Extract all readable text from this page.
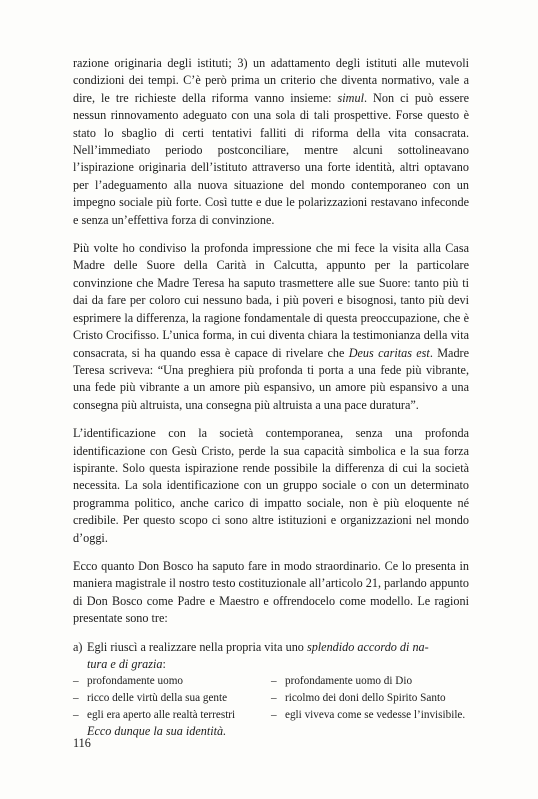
razione originaria degli istituti; 3) un adattamento degli istituti alle mutevoli condizioni dei tempi. C’è però prima un criterio che diventa normativo, vale a dire, le tre richieste della riforma vanno insieme: simul. Non ci può essere nessun rinnovamento adeguato con una sola di tali prospettive. Forse questo è stato lo sbaglio di certi tentativi falliti di riforma della vita consacrata. Nell’immediato periodo postconciliare, mentre alcuni sottolineavano l’ispirazione originaria dell’istituto attraverso una forte identità, altri optavano per l’adeguamento alla nuova situazione del mondo contemporaneo con un impegno sociale più forte. Così tutte e due le polarizzazioni restavano infeconde e senza un’effettiva forza di convinzione.

Più volte ho condiviso la profonda impressione che mi fece la visita alla Casa Madre delle Suore della Carità in Calcutta, appunto per la particolare convinzione che Madre Teresa ha saputo trasmettere alle sue Suore: tanto più ti dai da fare per coloro cui nessuno bada, i più poveri e bisognosi, tanto più devi esprimere la differenza, la ragione fondamentale di questa preoccupazione, che è Cristo Crocifisso. L’unica forma, in cui diventa chiara la testimonianza della vita consacrata, si ha quando essa è capace di rivelare che Deus caritas est. Madre Teresa scriveva: “Una preghiera più profonda ti porta a una fede più vibrante, una fede più vibrante a un amore più espansivo, un amore più espansivo a una consegna più altruista, una consegna più altruista a una pace duratura”.

L’identificazione con la società contemporanea, senza una profonda identificazione con Gesù Cristo, perde la sua capacità simbolica e la sua forza ispirante. Solo questa ispirazione rende possibile la differenza di cui la società necessita. La sola identificazione con un gruppo sociale o con un determinato programma politico, anche carico di impatto sociale, non è più eloquente né credibile. Per questo scopo ci sono altre istituzioni e organizzazioni nel mondo d’oggi.

Ecco quanto Don Bosco ha saputo fare in modo straordinario. Ce lo presenta in maniera magistrale il nostro testo costituzionale all’articolo 21, parlando appunto di Don Bosco come Padre e Maestro e offrendocelo come modello. Le ragioni presentate sono tre:

a) Egli riuscì a realizzare nella propria vita uno splendido accordo di na-
tura e di grazia:
– profondamente uomo	– profondamente uomo di Dio
– ricco delle virtù della sua gente	– ricolmo dei doni dello Spirito Santo
– egli era aperto alle realtà terrestri	– egli viveva come se vedesse l’invisibile.
Ecco dunque la sua identità.
116
